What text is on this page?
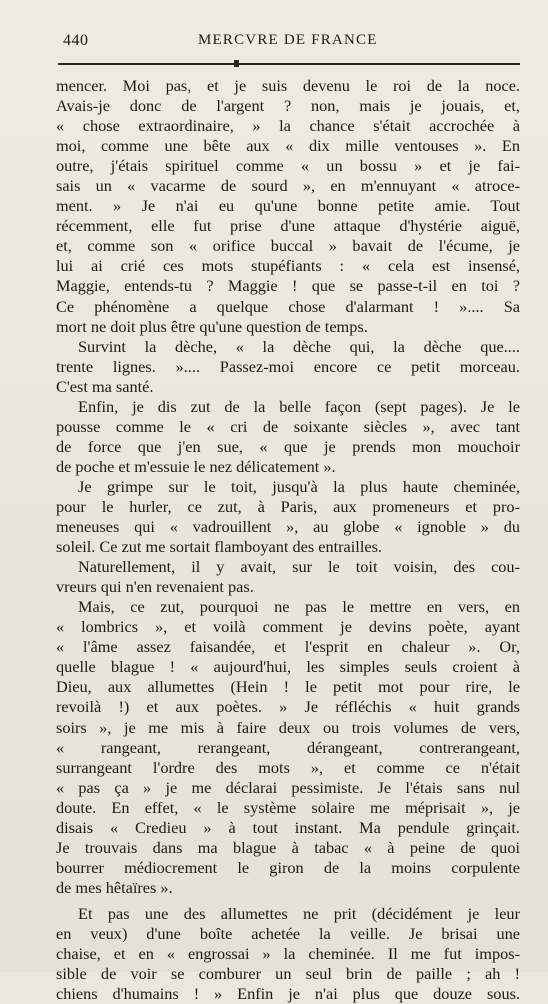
440	MERCVRE DE FRANCE
mencer. Moi pas, et je suis devenu le roi de la noce.
Avais-je donc de l'argent ? non, mais je jouais, et,
« chose extraordinaire, » la chance s'était accrochée à
moi, comme une bête aux « dix mille ventouses ». En
outre, j'étais spirituel comme « un bossu » et je fai-
sais un « vacarme de sourd », en m'ennuyant « atroce-
ment. » Je n'ai eu qu'une bonne petite amie. Tout
récemment, elle fut prise d'une attaque d'hystérie aiguë,
et, comme son « orifice buccal » bavait de l'écume, je
lui ai crié ces mots stupéfiants : « cela est insensé,
Maggie, entends-tu ? Maggie ! que se passe-t-il en toi ?
Ce phénomène a quelque chose d'alarmant ! ».... Sa
mort ne doit plus être qu'une question de temps.
Survint la dèche, « la dèche qui, la dèche que....
trente lignes. ».... Passez-moi encore ce petit morceau.
C'est ma santé.
Enfin, je dis zut de la belle façon (sept pages). Je le
pousse comme le « cri de soixante siècles », avec tant
de force que j'en sue, « que je prends mon mouchoir
de poche et m'essuie le nez délicatement ».
Je grimpe sur le toit, jusqu'à la plus haute cheminée,
pour le hurler, ce zut, à Paris, aux promeneurs et pro-
meneuses qui « vadrouillent », au globe « ignoble » du
soleil. Ce zut me sortait flamboyant des entrailles.
Naturellement, il y avait, sur le toit voisin, des cou-
vreurs qui n'en revenaient pas.
Mais, ce zut, pourquoi ne pas le mettre en vers, en
« lombrics », et voilà comment je devins poète, ayant
« l'âme assez faisandée, et l'esprit en chaleur ». Or,
quelle blague ! « aujourd'hui, les simples seuls croient à
Dieu, aux allumettes (Hein ! le petit mot pour rire, le
revoilà !) et aux poètes. » Je réfléchis « huit grands
soirs », je me mis à faire deux ou trois volumes de vers,
« rangeant, rerangeant, dérangeant, contrerangeant,
surrangeant l'ordre des mots », et comme ce n'était
« pas ça » je me déclarai pessimiste. Je l'étais sans nul
doute. En effet, « le système solaire me méprisait », je
disais « Credieu » à tout instant. Ma pendule grinçait.
Je trouvais dans ma blague à tabac « à peine de quoi
bourrer médiocrement le giron de la moins corpulente
de mes hêtaïres ».
Et pas une des allumettes ne prit (décidément je leur
en veux) d'une boîte achetée la veille. Je brisai une
chaise, et en « engrossai » la cheminée. Il me fut impos-
sible de voir se comburer un seul brin de paille ; ah !
chiens d'humains ! » Enfin je n'ai plus que douze sous.
